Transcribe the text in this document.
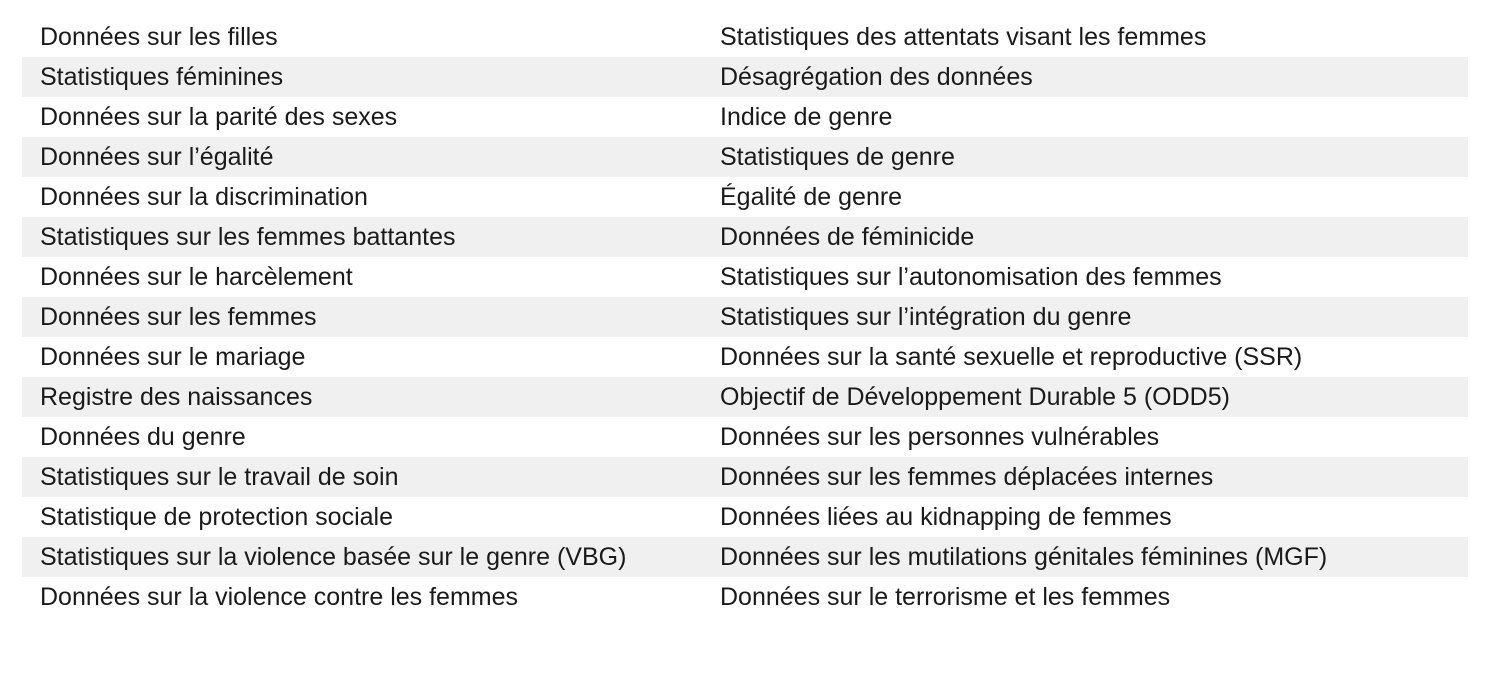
Données sur les filles	Statistiques des attentats visant les femmes
Statistiques féminines	Désagrégation des données
Données sur la parité des sexes	Indice de genre
Données sur l’égalité	Statistiques de genre
Données sur la discrimination	Égalité de genre
Statistiques sur les femmes battantes	Données de féminicide
Données sur le harcèlement	Statistiques sur l’autonomisation des femmes
Données sur les femmes	Statistiques sur l’intégration du genre
Données sur le mariage	Données sur la santé sexuelle et reproductive (SSR)
Registre des naissances	Objectif de Développement Durable 5 (ODD5)
Données du genre	Données sur les personnes vulnérables
Statistiques sur le travail de soin	Données sur les femmes déplacées internes
Statistique de protection sociale	Données liées au kidnapping de femmes
Statistiques sur la violence basée sur le genre (VBG)	Données sur les mutilations génitales féminines (MGF)
Données sur la violence contre les femmes	Données sur le terrorisme et les femmes
